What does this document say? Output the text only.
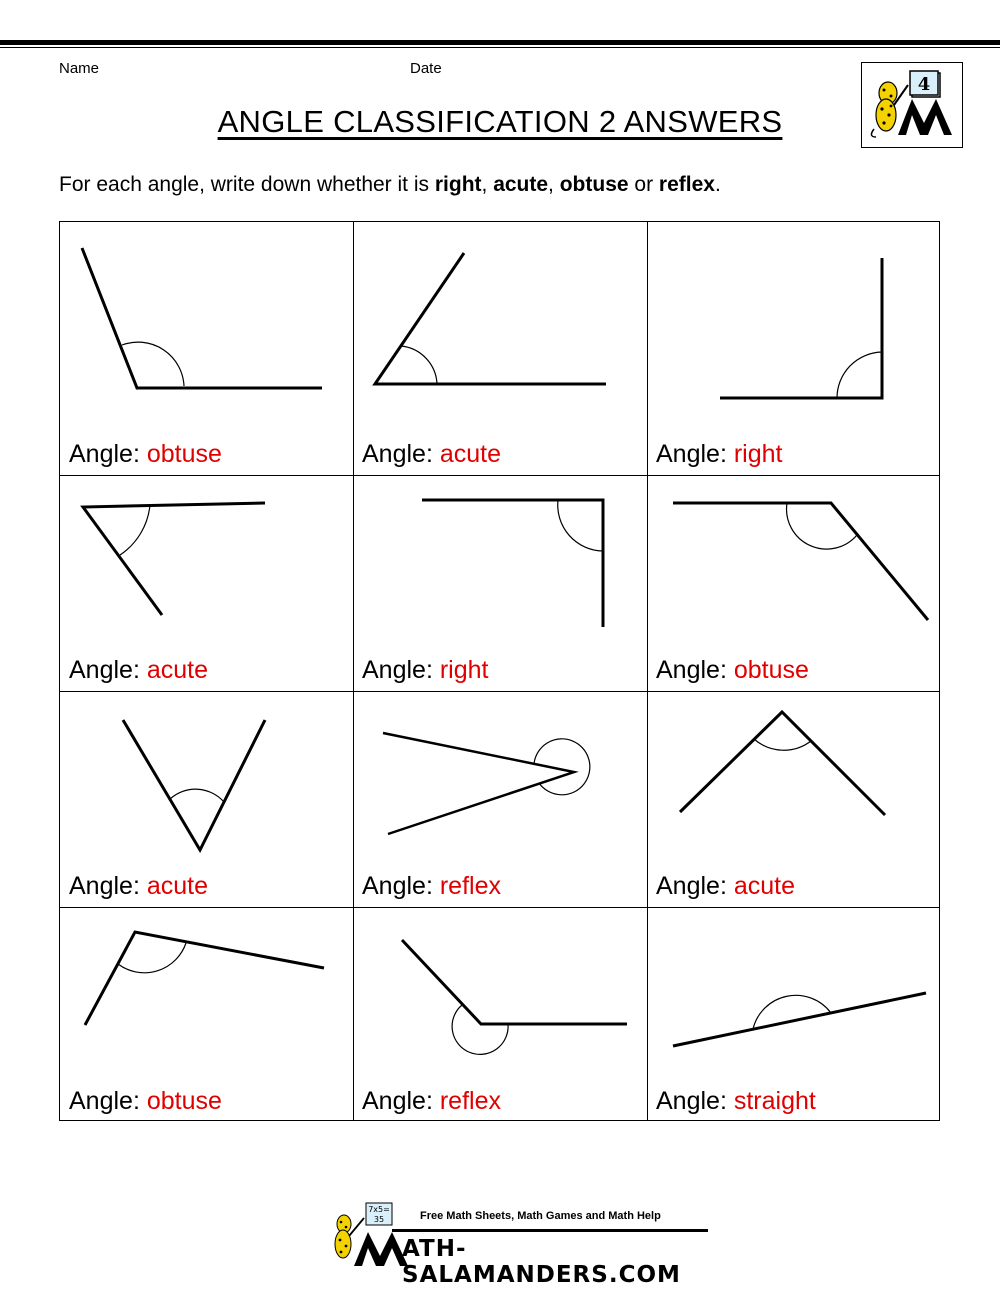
Name	Date
4
ANGLE CLASSIFICATION 2 ANSWERS
For each angle, write down whether it is right, acute, obtuse or reflex.
Angle: obtuse	Angle: acute	Angle: right
Angle: acute	Angle: right	Angle: obtuse
Angle: acute	Angle: reflex	Angle: acute
Angle: obtuse	Angle: reflex	Angle: straight
7x5=
35	Free Math Sheets, Math Games and Math Help
ATH-SALAMANDERS.COM
